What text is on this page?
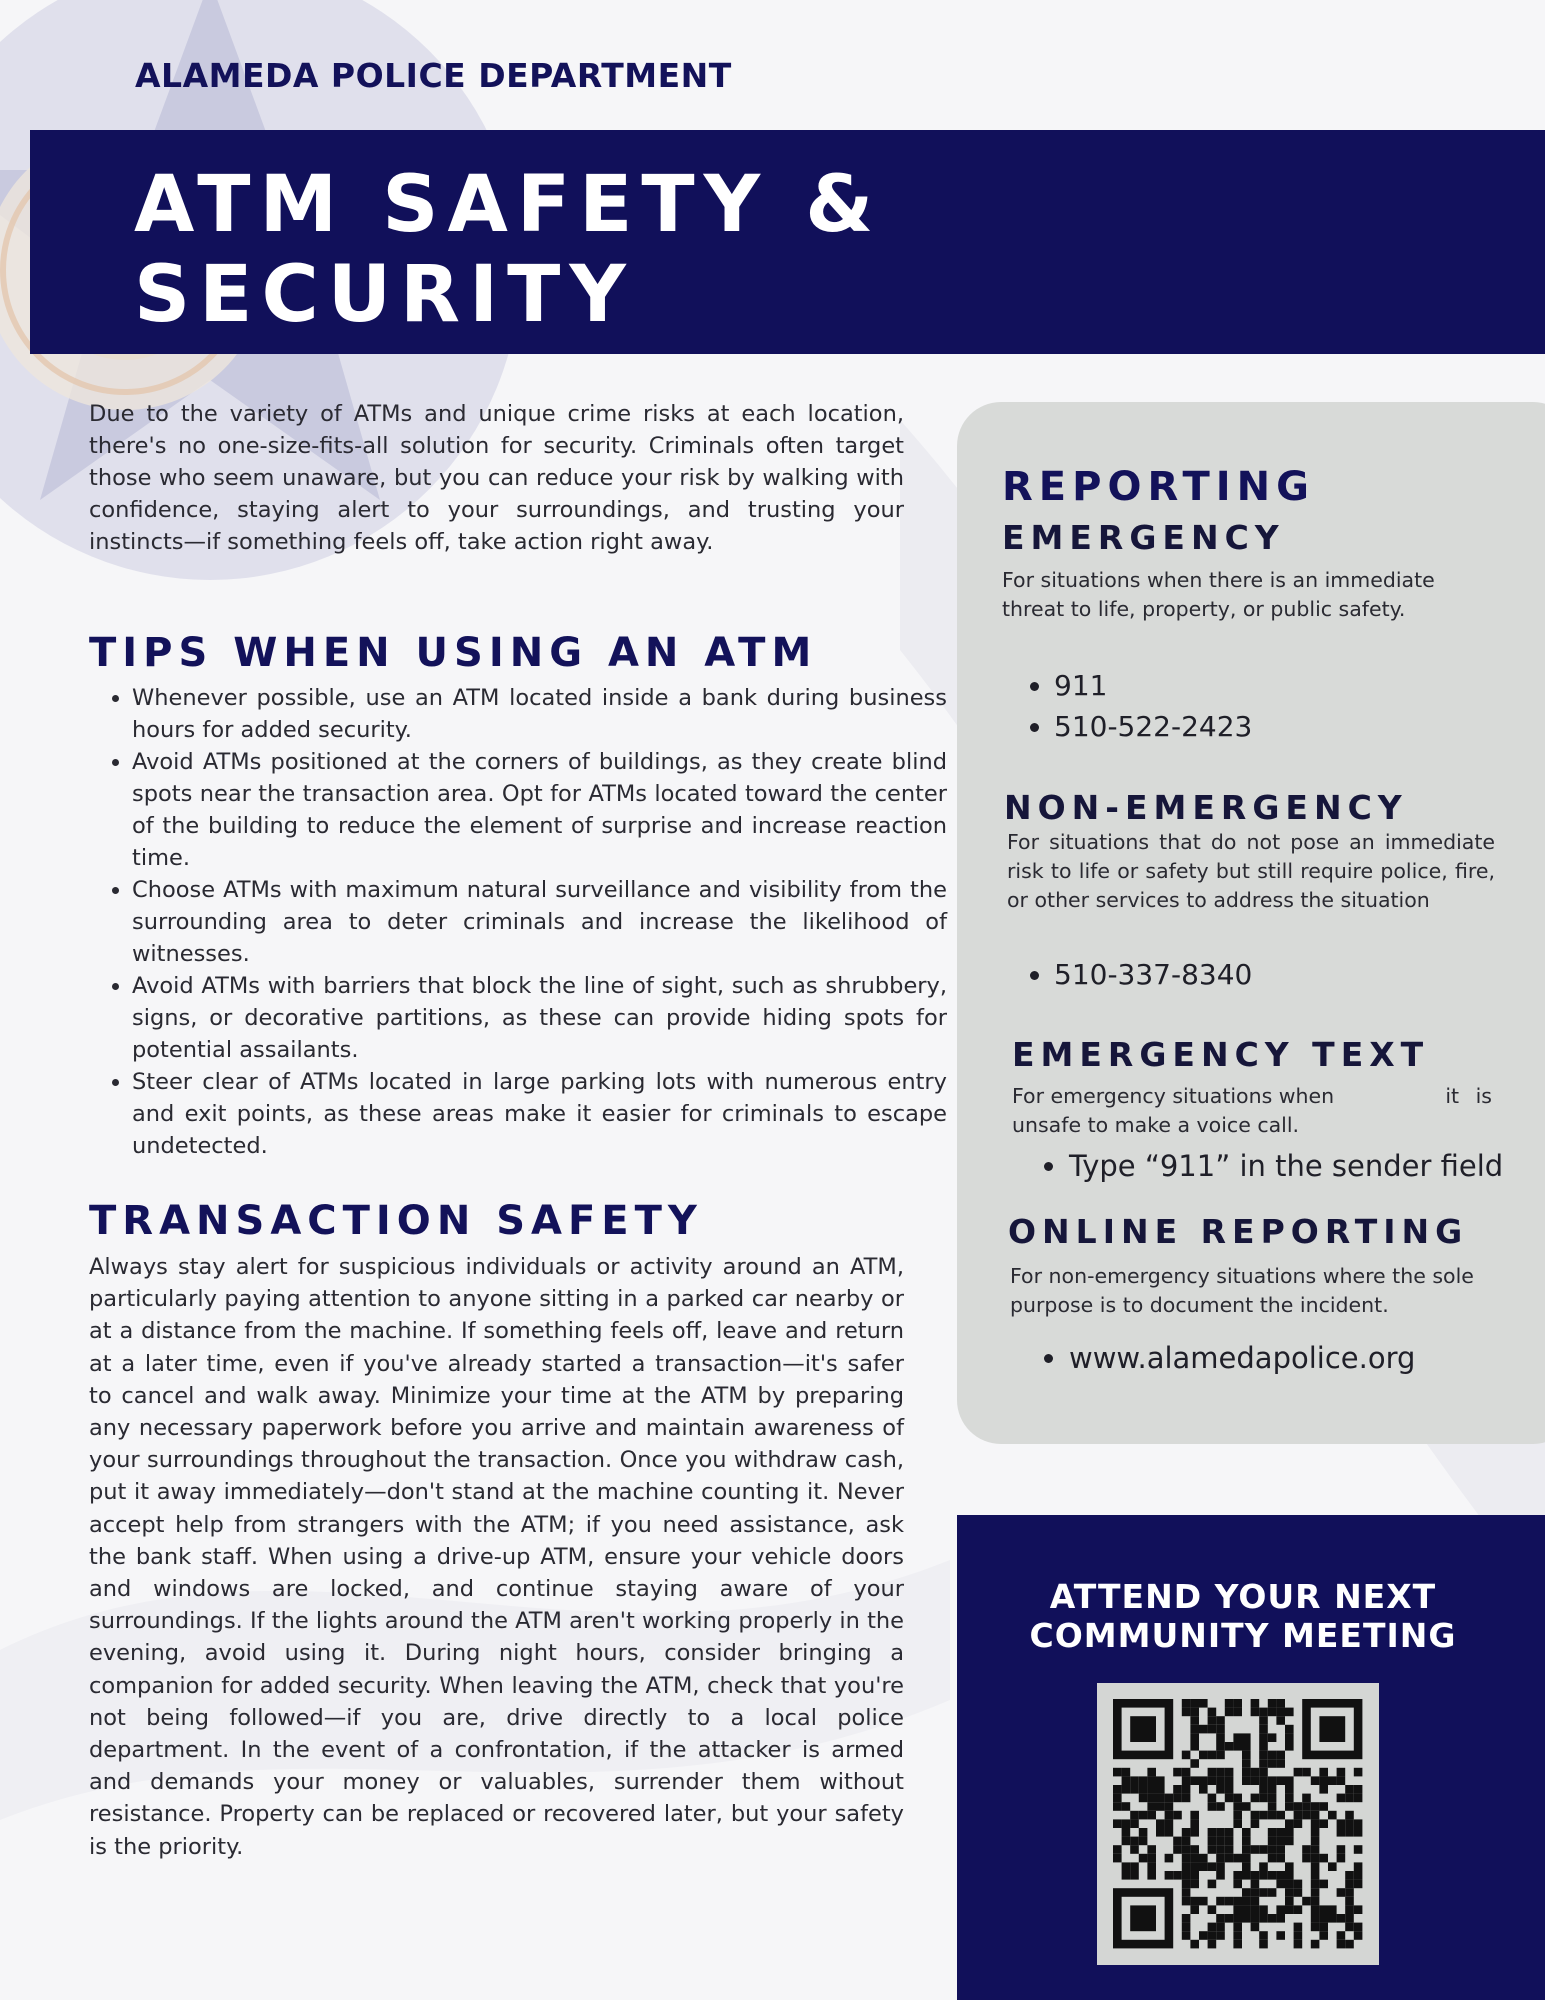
ALAMEDA POLICE DEPARTMENT
ATM SAFETY &
SECURITY

Due to the variety of ATMs and unique crime risks at each location, there's no one-size-fits-all solution for security. Criminals often target those who seem unaware, but you can reduce your risk by walking with confidence, staying alert to your surroundings, and trusting your instincts—if something feels off, take action right away.

TIPS WHEN USING AN ATM
• Whenever possible, use an ATM located inside a bank during business hours for added security.
• Avoid ATMs positioned at the corners of buildings, as they create blind spots near the transaction area. Opt for ATMs located toward the center of the building to reduce the element of surprise and increase reaction time.
• Choose ATMs with maximum natural surveillance and visibility from the surrounding area to deter criminals and increase the likelihood of witnesses.
• Avoid ATMs with barriers that block the line of sight, such as shrubbery, signs, or decorative partitions, as these can provide hiding spots for potential assailants.
• Steer clear of ATMs located in large parking lots with numerous entry and exit points, as these areas make it easier for criminals to escape undetected.
TRANSACTION SAFETY

Always stay alert for suspicious individuals or activity around an ATM, particularly paying attention to anyone sitting in a parked car nearby or at a distance from the machine. If something feels off, leave and return at a later time, even if you've already started a transaction—it's safer to cancel and walk away. Minimize your time at the ATM by preparing any necessary paperwork before you arrive and maintain awareness of your surroundings throughout the transaction. Once you withdraw cash, put it away immediately—don't stand at the machine counting it. Never accept help from strangers with the ATM; if you need assistance, ask the bank staff. When using a drive-up ATM, ensure your vehicle doors and windows are locked, and continue staying aware of your surroundings. If the lights around the ATM aren't working properly in the evening, avoid using it. During night hours, consider bringing a companion for added security. When leaving the ATM, check that you're not being followed—if you are, drive directly to a local police department. In the event of a confrontation, if the attacker is armed and demands your money or valuables, surrender them without resistance. Property can be replaced or recovered later, but your safety is the priority.

REPORTING
EMERGENCY

For situations when there is an immediate threat to life, property, or public safety.

• 911
• 510-522-2423
NON-EMERGENCY

For situations that do not pose an immediate risk to life or safety but still require police, fire, or other services to address the situation

• 510-337-8340
EMERGENCY TEXT
For emergency situations when	it is
unsafe to make a voice call.
• Type “911” in the sender field
ONLINE REPORTING

For non-emergency situations where the sole purpose is to document the incident.

• www.alamedapolice.org
ATTEND YOUR NEXT
COMMUNITY MEETING
